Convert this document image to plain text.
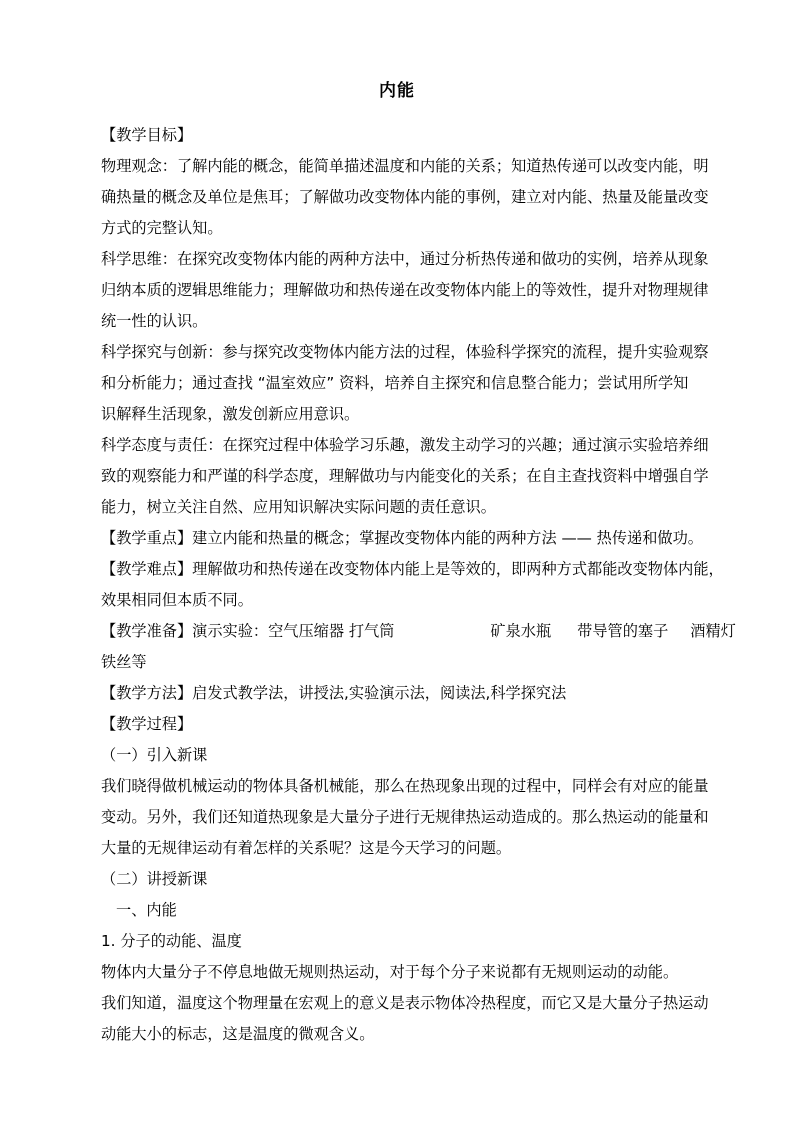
内能
【教学目标】
物理观念：了解内能的概念，能简单描述温度和内能的关系；知道热传递可以改变内能，明
确热量的概念及单位是焦耳；了解做功改变物体内能的事例，建立对内能、热量及能量改变
方式的完整认知。
科学思维：在探究改变物体内能的两种方法中，通过分析热传递和做功的实例，培养从现象
归纳本质的逻辑思维能力；理解做功和热传递在改变物体内能上的等效性，提升对物理规律
统一性的认识。
科学探究与创新：参与探究改变物体内能方法的过程，体验科学探究的流程，提升实验观察
和分析能力；通过查找 “温室效应” 资料，培养自主探究和信息整合能力；尝试用所学知
识解释生活现象，激发创新应用意识。
科学态度与责任：在探究过程中体验学习乐趣，激发主动学习的兴趣；通过演示实验培养细
致的观察能力和严谨的科学态度，理解做功与内能变化的关系；在自主查找资料中增强自学
能力，树立关注自然、应用知识解决实际问题的责任意识。
【教学重点】建立内能和热量的概念；掌握改变物体内能的两种方法 —— 热传递和做功。
【教学难点】理解做功和热传递在改变物体内能上是等效的，即两种方式都能改变物体内能，
效果相同但本质不同。
【教学准备】演示实验：空气压缩器 打气筒	矿泉水瓶 带导管的塞子 酒精灯
铁丝等
【教学方法】启发式教学法，讲授法,实验演示法，阅读法,科学探究法
【教学过程】
（一）引入新课
我们晓得做机械运动的物体具备机械能，那么在热现象出现的过程中，同样会有对应的能量
变动。另外，我们还知道热现象是大量分子进行无规律热运动造成的。那么热运动的能量和
大量的无规律运动有着怎样的关系呢？这是今天学习的问题。
（二）讲授新课
一、内能
1. 分子的动能、温度
物体内大量分子不停息地做无规则热运动，对于每个分子来说都有无规则运动的动能。
我们知道，温度这个物理量在宏观上的意义是表示物体冷热程度，而它又是大量分子热运动
动能大小的标志，这是温度的微观含义。
